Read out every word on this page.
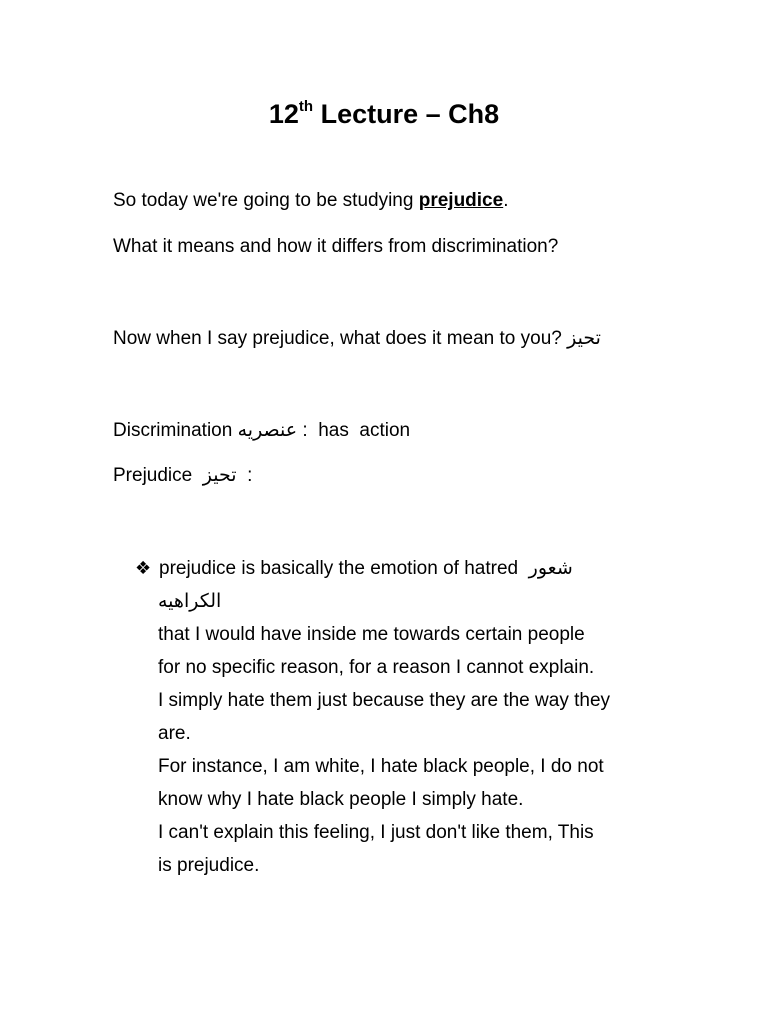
12th Lecture – Ch8
So today we're going to be studying prejudice.
What it means and how it differs from discrimination?
Now when I say prejudice, what does it mean to you? تحيز
Discrimination عنصريه :  has  action
Prejudice  تحيز  :
❖ prejudice is basically the emotion of hatred شعور
الكراهيه
that I would have inside me towards certain people
for no specific reason, for a reason I cannot explain.
I simply hate them just because they are the way they
are.
For instance, I am white, I hate black people, I do not
know why I hate black people I simply hate.
I can't explain this feeling, I just don't like them, This
is prejudice.
